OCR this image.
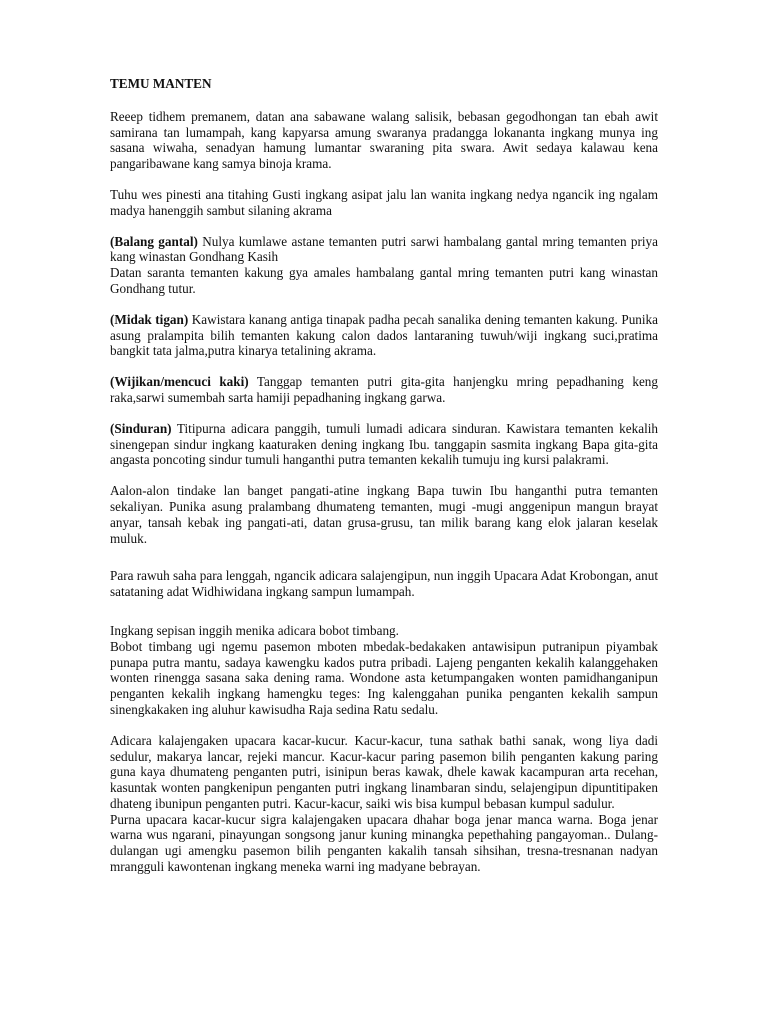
TEMU MANTEN

Reeep tidhem premanem, datan ana sabawane walang salisik, bebasan gegodhongan tan ebah awit samirana tan lumampah, kang kapyarsa amung swaranya pradangga lokananta ingkang munya ing sasana wiwaha, senadyan hamung lumantar swaraning pita swara. Awit sedaya kalawau kena pangaribawane kang samya binoja krama.

Tuhu wes pinesti ana titahing Gusti ingkang asipat jalu lan wanita ingkang nedya ngancik ing ngalam madya hanenggih sambut silaning akrama

(Balang gantal) Nulya kumlawe astane temanten putri sarwi hambalang gantal mring temanten priya kang winastan Gondhang Kasih

Datan saranta temanten kakung gya amales hambalang gantal mring temanten putri kang winastan Gondhang tutur.

(Midak tigan) Kawistara kanang antiga tinapak padha pecah sanalika dening temanten kakung. Punika asung pralampita bilih temanten kakung calon dados lantaraning tuwuh/wiji ingkang suci,pratima bangkit tata jalma,putra kinarya tetalining akrama.

(Wijikan/mencuci kaki) Tanggap temanten putri gita-gita hanjengku mring pepadhaning keng raka,sarwi sumembah sarta hamiji pepadhaning ingkang garwa.

(Sinduran) Titipurna adicara panggih, tumuli lumadi adicara sinduran. Kawistara temanten kekalih sinengepan sindur ingkang kaaturaken dening ingkang Ibu. tanggapin sasmita ingkang Bapa gita-gita angasta poncoting sindur tumuli hanganthi putra temanten kekalih tumuju ing kursi palakrami.

Aalon-alon tindake lan banget pangati-atine ingkang Bapa tuwin Ibu hanganthi putra temanten sekaliyan. Punika asung pralambang dhumateng temanten, mugi -mugi anggenipun mangun brayat anyar, tansah kebak ing pangati-ati, datan grusa-grusu, tan milik barang kang elok jalaran keselak muluk.

Para rawuh saha para lenggah, ngancik adicara salajengipun, nun inggih Upacara Adat Krobongan, anut satataning adat Widhiwidana ingkang sampun lumampah.

Ingkang sepisan inggih menika adicara bobot timbang.

Bobot timbang ugi ngemu pasemon mboten mbedak-bedakaken antawisipun putranipun piyambak punapa putra mantu, sadaya kawengku kados putra pribadi. Lajeng penganten kekalih kalanggehaken wonten rinengga sasana saka dening rama. Wondone asta ketumpangaken wonten pamidhanganipun penganten kekalih ingkang hamengku teges: Ing kalenggahan punika penganten kekalih sampun sinengkakaken ing aluhur kawisudha Raja sedina Ratu sedalu.

Adicara kalajengaken upacara kacar-kucur. Kacur-kacur, tuna sathak bathi sanak, wong liya dadi sedulur, makarya lancar, rejeki mancur. Kacur-kacur paring pasemon bilih penganten kakung paring guna kaya dhumateng penganten putri, isinipun beras kawak, dhele kawak kacampuran arta recehan, kasuntak wonten pangkenipun penganten putri ingkang linambaran sindu, selajengipun dipuntitipaken dhateng ibunipun penganten putri. Kacur-kacur, saiki wis bisa kumpul bebasan kumpul sadulur.

Purna upacara kacar-kucur sigra kalajengaken upacara dhahar boga jenar manca warna. Boga jenar warna wus ngarani, pinayungan songsong janur kuning minangka pepethahing pangayoman.. Dulang-dulangan ugi amengku pasemon bilih penganten kakalih tansah sihsihan, tresna-tresnanan nadyan mrangguli kawontenan ingkang meneka warni ing madyane bebrayan.
